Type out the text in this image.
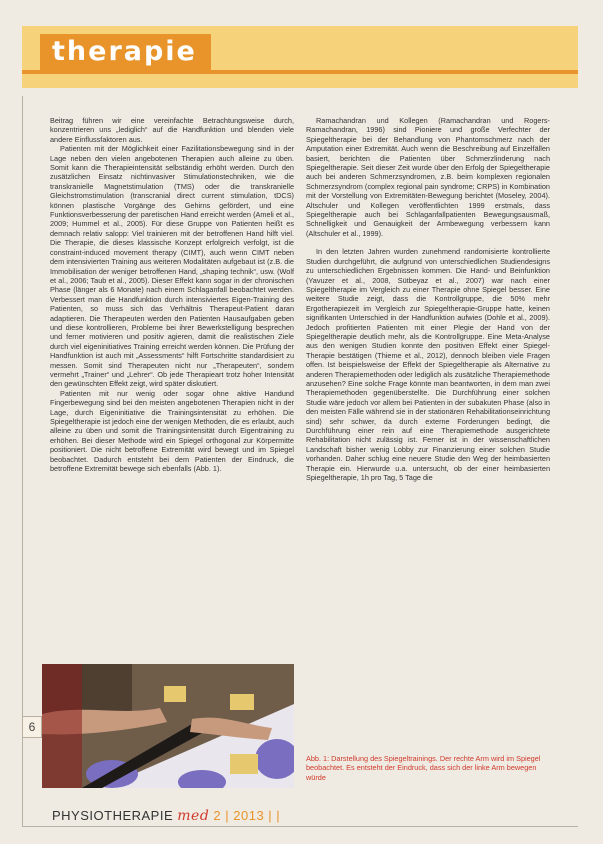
therapie

Beitrag führen wir eine vereinfachte Betrachtungsweise durch, konzentrieren uns „lediglich“ auf die Handfunktion und blenden viele andere Einflussfaktoren aus.

Patienten mit der Möglichkeit einer Fazilitationsbewegung sind in der Lage neben den vielen angebotenen Therapien auch alleine zu üben. Somit kann die Therapieintensität selbständig erhöht werden. Durch den zusätzlichen Einsatz nichtinvasiver Stimulationstechniken, wie die transkranielle Magnetstimulation (TMS) oder die transkranielle Gleichstromstimulation (transcranial direct current stimulation, tDCS) können plastische Vorgänge des Gehirns gefördert, und eine Funktionsverbesserung der paretischen Hand erreicht werden (Ameli et al., 2009; Hummel et al., 2005). Für diese Gruppe von Patienten heißt es demnach relativ salopp: Viel trainieren mit der betroffenen Hand hilft viel. Die Therapie, die dieses klassische Konzept erfolgreich verfolgt, ist die constraint-induced movement therapy (CIMT), auch wenn CIMT neben dem intensivierten Training aus weiteren Modalitäten aufgebaut ist (z.B. die Immobilisation der weniger betroffenen Hand, „shaping technik“, usw. (Wolf et al., 2006; Taub et al., 2005). Dieser Effekt kann sogar in der chronischen Phase (länger als 6 Monate) nach einem Schlaganfall beobachtet werden. Verbessert man die Handfunktion durch intensiviertes Eigen-Training des Patienten, so muss sich das Verhältnis Therapeut-Patient daran adaptieren. Die Therapeuten werden den Patienten Hausaufgaben geben und diese kontrollieren, Probleme bei ihrer Bewerkstelligung besprechen und ferner motivieren und positiv agieren, damit die realistischen Ziele durch viel eigeninitiatives Training erreicht werden können. Die Prüfung der Handfunktion ist auch mit „Assessments“ hilft Fortschritte standardisiert zu messen. Somit sind Therapeuten nicht nur „Therapeuten“, sondern vermehrt „Trainer“ und „Lehrer“. Ob jede Therapieart trotz hoher Intensität den gewünschten Effekt zeigt, wird später diskutiert.

Patienten mit nur wenig oder sogar ohne aktive Handund Fingerbewegung sind bei den meisten angebotenen Therapien nicht in der Lage, durch Eigeninitiative die Trainingsintensität zu erhöhen. Die Spiegeltherapie ist jedoch eine der wenigen Methoden, die es erlaubt, auch alleine zu üben und somit die Trainingsintensität durch Eigentraining zu erhöhen. Bei dieser Methode wird ein Spiegel orthogonal zur Körpermitte positioniert. Die nicht betroffene Extremität wird bewegt und im Spiegel beobachtet. Dadurch entsteht bei dem Patienten der Eindruck, die betroffene Extremität bewege sich ebenfalls (Abb. 1).

Ramachandran und Kollegen (Ramachandran und Rogers-Ramachandran, 1996) sind Pioniere und große Verfechter der Spiegeltherapie bei der Behandlung von Phantomschmerz nach der Amputation einer Extremität. Auch wenn die Beschreibung auf Einzelfällen basiert, berichten die Patienten über Schmerzlinderung nach Spiegeltherapie. Seit dieser Zeit wurde über den Erfolg der Spiegeltherapie auch bei anderen Schmerzsyndromen, z.B. beim komplexen regionalen Schmerzsyndrom (complex regional pain syndrome; CRPS) in Kombination mit der Vorstellung von Extremitäten-Bewegung berichtet (Moseley, 2004). Altschuler und Kollegen veröffentlichten 1999 erstmals, dass Spiegeltherapie auch bei Schlaganfallpatienten Bewegungsausmaß, Schnelligkeit und Genauigkeit der Armbewegung verbessern kann (Altschuler et al., 1999).

In den letzten Jahren wurden zunehmend randomisierte kontrollierte Studien durchgeführt, die aufgrund von unterschiedlichen Studiendesigns zu unterschiedlichen Ergebnissen kommen. Die Hand- und Beinfunktion (Yavuzer et al., 2008, Sütbeyaz et al., 2007) war nach einer Spiegeltherapie im Vergleich zu einer Therapie ohne Spiegel besser. Eine weitere Studie zeigt, dass die Kontrollgruppe, die 50% mehr Ergotherapiezeit im Vergleich zur Spiegeltherapie-Gruppe hatte, keinen signifikanten Unterschied in der Handfunktion aufwies (Dohle et al., 2009). Jedoch profitierten Patienten mit einer Plegie der Hand von der Spiegeltherapie deutlich mehr, als die Kontrollgruppe. Eine Meta-Analyse aus den wenigen Studien konnte den positiven Effekt einer Spiegel-Therapie bestätigen (Thieme et al., 2012), dennoch bleiben viele Fragen offen. Ist beispielsweise der Effekt der Spiegeltherapie als Alternative zu anderen Therapiemethoden oder lediglich als zusätzliche Therapiemethode anzusehen? Eine solche Frage könnte man beantworten, in dem man zwei Therapiemethoden gegenüberstellte. Die Durchführung einer solchen Studie wäre jedoch vor allem bei Patienten in der subakuten Phase (also in den meisten Fälle während sie in der stationären Rehabilitationseinrichtung sind) sehr schwer, da durch externe Forderungen bedingt, die Durchführung einer rein auf eine Therapiemethode ausgerichtete Rehabilitation nicht zulässig ist. Ferner ist in der wissenschaftlichen Landschaft bisher wenig Lobby zur Finanzierung einer solchen Studie vorhanden. Daher schlug eine neuere Studie den Weg der heimbasierten Therapie ein. Hierwurde u.a. untersucht, ob der einer heimbasierten Spiegeltherapie, 1h pro Tag, 5 Tage die

Abb. 1: Darstellung des Spiegeltrainings. Der rechte Arm wird im Spiegel beobachtet. Es entsteht der Eindruck, dass sich der linke Arm bewegen würde
6
PHYSIOTHERAPIE med 2 | 2013 | |
